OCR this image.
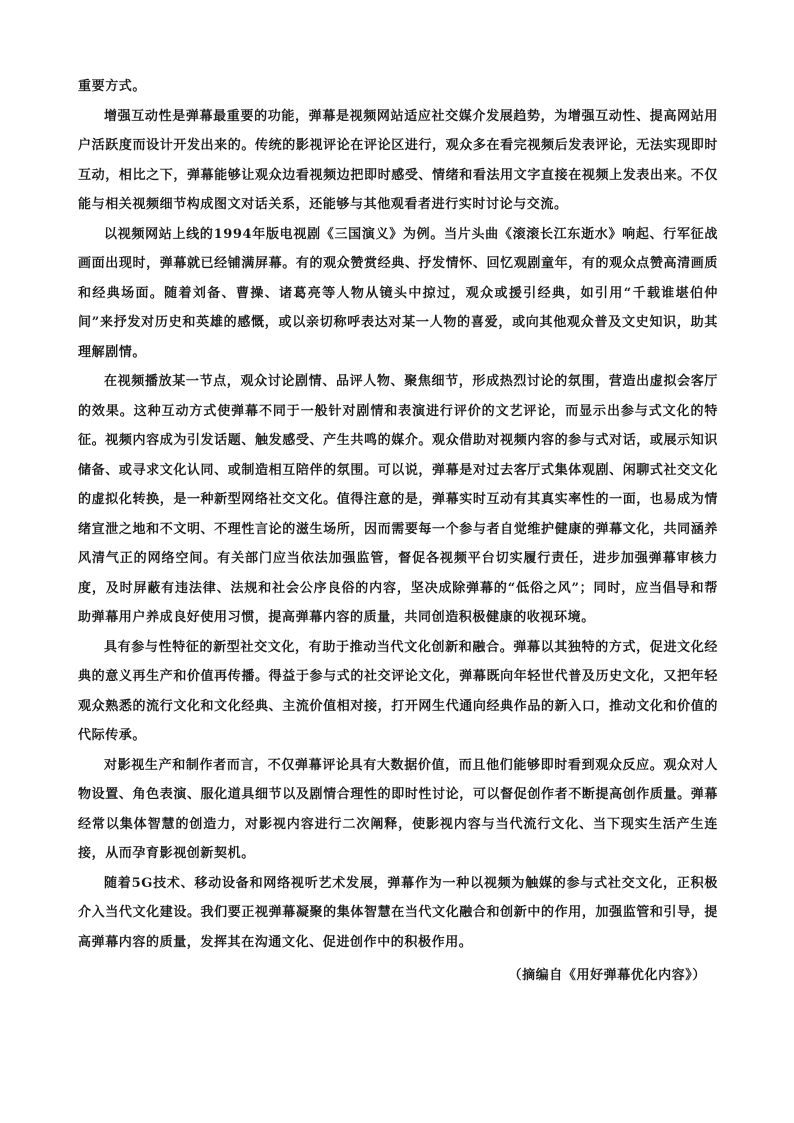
重要方式。

增强互动性是弹幕最重要的功能，弹幕是视频网站适应社交媒介发展趋势，为增强互动性、提高网站用户活跃度而设计开发出来的。传统的影视评论在评论区进行，观众多在看完视频后发表评论，无法实现即时互动，相比之下，弹幕能够让观众边看视频边把即时感受、情绪和看法用文字直接在视频上发表出来。不仅能与相关视频细节构成图文对话关系，还能够与其他观看者进行实时讨论与交流。

以视频网站上线的1994年版电视剧《三国演义》为例。当片头曲《滚滚长江东逝水》响起、行军征战画面出现时，弹幕就已经铺满屏幕。有的观众赞赏经典、抒发情怀、回忆观剧童年，有的观众点赞高清画质和经典场面。随着刘备、曹操、诸葛亮等人物从镜头中掠过，观众或援引经典，如引用“千载谁堪伯仲间”来抒发对历史和英雄的感慨，或以亲切称呼表达对某一人物的喜爱，或向其他观众普及文史知识，助其理解剧情。

在视频播放某一节点，观众讨论剧情、品评人物、聚焦细节，形成热烈讨论的氛围，营造出虚拟会客厅的效果。这种互动方式使弹幕不同于一般针对剧情和表演进行评价的文艺评论，而显示出参与式文化的特征。视频内容成为引发话题、触发感受、产生共鸣的媒介。观众借助对视频内容的参与式对话，或展示知识储备、或寻求文化认同、或制造相互陪伴的氛围。可以说，弹幕是对过去客厅式集体观剧、闲聊式社交文化的虚拟化转换，是一种新型网络社交文化。值得注意的是，弹幕实时互动有其真实率性的一面，也易成为情绪宣泄之地和不文明、不理性言论的滋生场所，因而需要每一个参与者自觉维护健康的弹幕文化，共同涵养风清气正的网络空间。有关部门应当依法加强监管，督促各视频平台切实履行责任，进步加强弹幕审核力度，及时屏蔽有违法律、法规和社会公序良俗的内容，坚决成除弹幕的“低俗之风”；同时，应当倡导和帮助弹幕用户养成良好使用习惯，提高弹幕内容的质量，共同创造积极健康的收视环境。

具有参与性特征的新型社交文化，有助于推动当代文化创新和融合。弹幕以其独特的方式，促进文化经典的意义再生产和价值再传播。得益于参与式的社交评论文化，弹幕既向年轻世代普及历史文化，又把年轻观众熟悉的流行文化和文化经典、主流价值相对接，打开网生代通向经典作品的新入口，推动文化和价值的代际传承。

对影视生产和制作者而言，不仅弹幕评论具有大数据价值，而且他们能够即时看到观众反应。观众对人物设置、角色表演、服化道具细节以及剧情合理性的即时性讨论，可以督促创作者不断提高创作质量。弹幕经常以集体智慧的创造力，对影视内容进行二次阐释，使影视内容与当代流行文化、当下现实生活产生连接，从而孕育影视创新契机。

随着5G技术、移动设备和网络视听艺术发展，弹幕作为一种以视频为触媒的参与式社交文化，正积极介入当代文化建设。我们要正视弹幕凝聚的集体智慧在当代文化融合和创新中的作用，加强监管和引导，提高弹幕内容的质量，发挥其在沟通文化、促进创作中的积极作用。

（摘编自《用好弹幕优化内容》）
